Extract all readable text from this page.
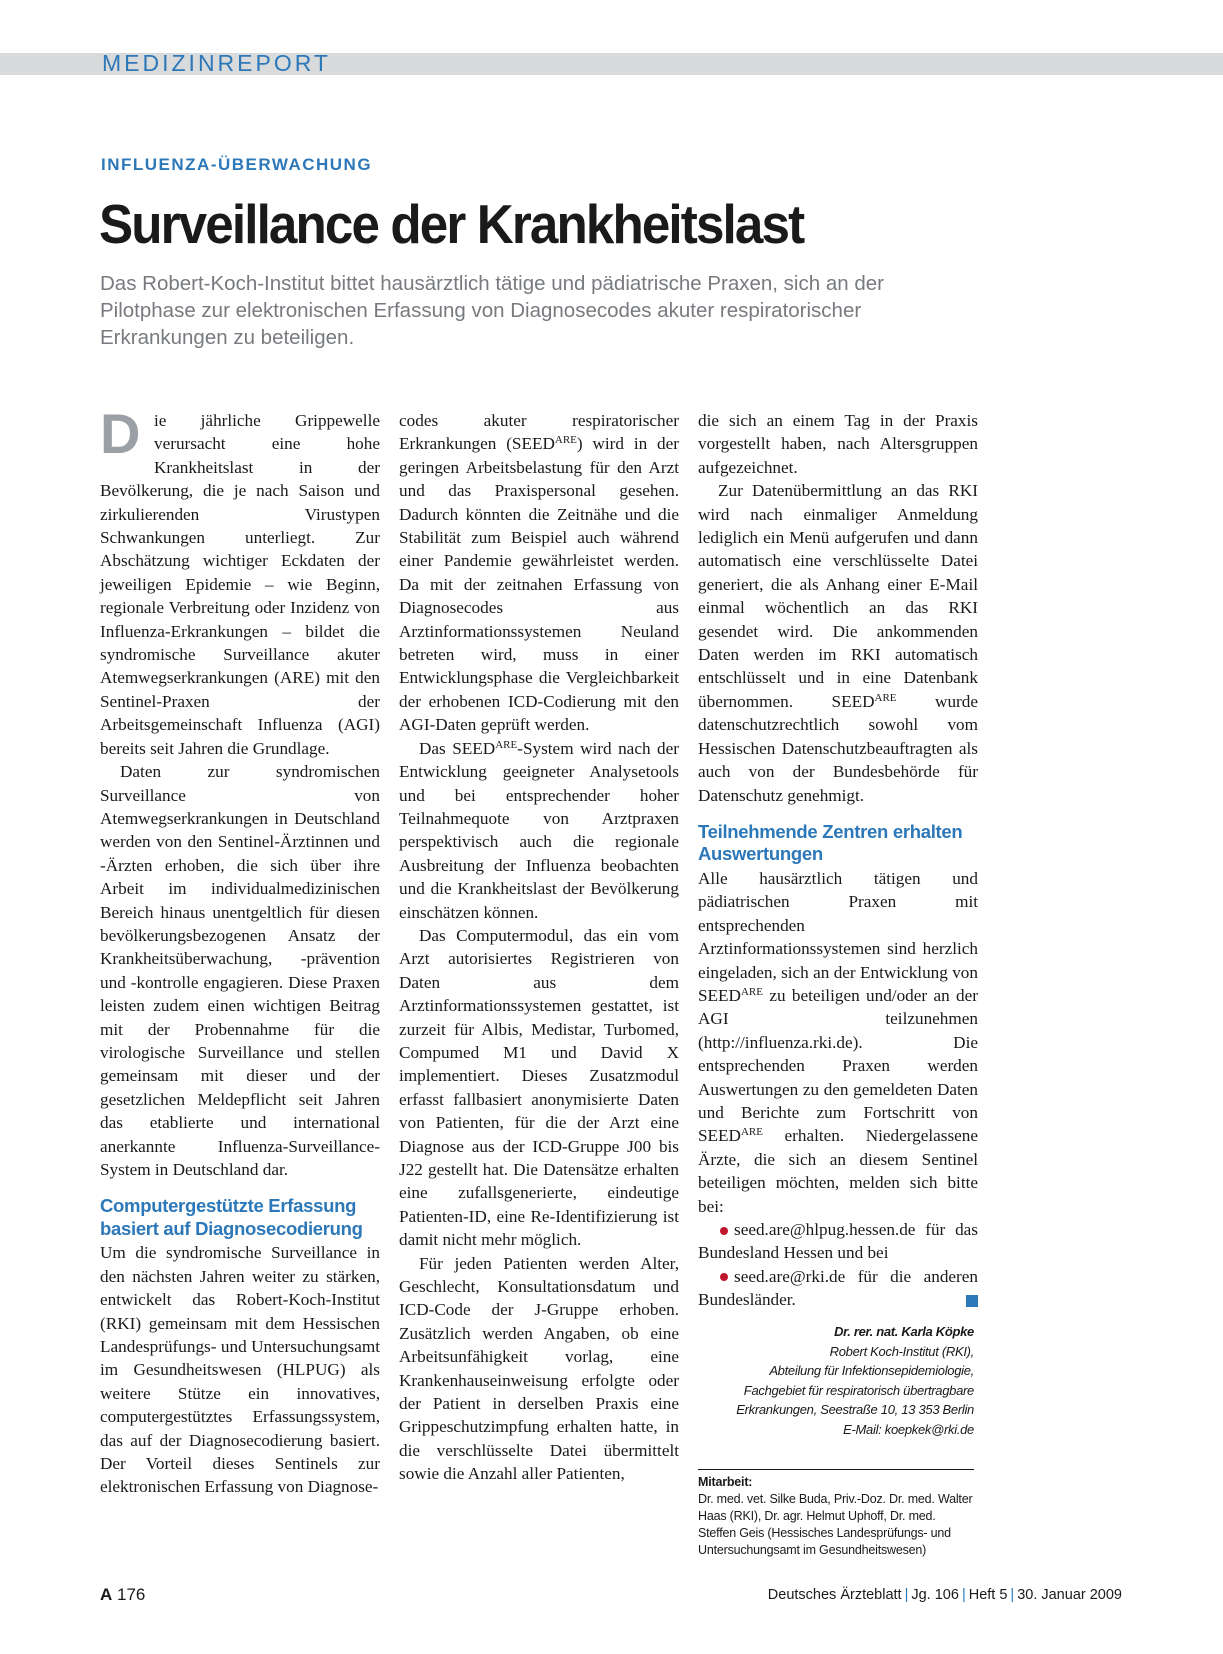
MEDIZINREPORT
INFLUENZA-ÜBERWACHUNG
Surveillance der Krankheitslast

Das Robert-Koch-Institut bittet hausärztlich tätige und pädiatrische Praxen, sich an der Pilotphase zur elektronischen Erfassung von Diagnosecodes akuter respiratorischer Erkrankungen zu beteiligen.

Die jährliche Grippewelle verursacht eine hohe Krankheitslast in der Bevölkerung, die je nach Saison und zirkulierenden Virustypen Schwankungen unterliegt. Zur Abschätzung wichtiger Eckdaten der jeweiligen Epidemie – wie Beginn, regionale Verbreitung oder Inzidenz von Influenza-Erkrankungen – bildet die syndromische Surveillance akuter Atemwegserkrankungen (ARE) mit den Sentinel-Praxen der Arbeitsgemeinschaft Influenza (AGI) bereits seit Jahren die Grundlage.

Daten zur syndromischen Surveillance von Atemwegserkrankungen in Deutschland werden von den Sentinel-Ärztinnen und -Ärzten erhoben, die sich über ihre Arbeit im individualmedizinischen Bereich hinaus unentgeltlich für diesen bevölkerungsbezogenen Ansatz der Krankheitsüberwachung, -prävention und -kontrolle engagieren. Diese Praxen leisten zudem einen wichtigen Beitrag mit der Probennahme für die virologische Surveillance und stellen gemeinsam mit dieser und der gesetzlichen Meldepflicht seit Jahren das etablierte und international anerkannte Influenza-Surveillance-System in Deutschland dar.

Computergestützte Erfassung basiert auf Diagnosecodierung

Um die syndromische Surveillance in den nächsten Jahren weiter zu stärken, entwickelt das Robert-Koch-Institut (RKI) gemeinsam mit dem Hessischen Landesprüfungs- und Untersuchungsamt im Gesundheitswesen (HLPUG) als weitere Stütze ein innovatives, computergestütztes Erfassungssystem, das auf der Diagnosecodierung basiert. Der Vorteil dieses Sentinels zur elektronischen Erfassung von Diagnose-

codes akuter respiratorischer Erkrankungen $(SEED^{ARE})$ wird in der geringen Arbeitsbelastung für den Arzt und das Praxispersonal gesehen. Dadurch könnten die Zeitnähe und die Stabilität zum Beispiel auch während einer Pandemie gewährleistet werden. Da mit der zeitnahen Erfassung von Diagnosecodes aus Arztinformationssystemen Neuland betreten wird, muss in einer Entwicklungsphase die Vergleichbarkeit der erhobenen ICD-Codierung mit den AGI-Daten geprüft werden.

Das $SEED^{ARE}$-System wird nach der Entwicklung geeigneter Analysetools und bei entsprechender hoher Teilnahmequote von Arztpraxen perspektivisch auch die regionale Ausbreitung der Influenza beobachten und die Krankheitslast der Bevölkerung einschätzen können.

Das Computermodul, das ein vom Arzt autorisiertes Registrieren von Daten aus dem Arztinformationssystemen gestattet, ist zurzeit für Albis, Medistar, Turbomed, Compumed M1 und David X implementiert. Dieses Zusatzmodul erfasst fallbasiert anonymisierte Daten von Patienten, für die der Arzt eine Diagnose aus der ICD-Gruppe J00 bis J22 gestellt hat. Die Datensätze erhalten eine zufallsgenerierte, eindeutige Patienten-ID, eine Re-Identifizierung ist damit nicht mehr möglich.

Für jeden Patienten werden Alter, Geschlecht, Konsultationsdatum und ICD-Code der J-Gruppe erhoben. Zusätzlich werden Angaben, ob eine Arbeitsunfähigkeit vorlag, eine Krankenhauseinweisung erfolgte oder der Patient in derselben Praxis eine Grippeschutzimpfung erhalten hatte, in die verschlüsselte Datei übermittelt sowie die Anzahl aller Patienten,

die sich an einem Tag in der Praxis vorgestellt haben, nach Altersgruppen aufgezeichnet.

Zur Datenübermittlung an das RKI wird nach einmaliger Anmeldung lediglich ein Menü aufgerufen und dann automatisch eine verschlüsselte Datei generiert, die als Anhang einer E-Mail einmal wöchentlich an das RKI gesendet wird. Die ankommenden Daten werden im RKI automatisch entschlüsselt und in eine Datenbank übernommen. $SEED^{ARE}$ wurde datenschutzrechtlich sowohl vom Hessischen Datenschutzbeauftragten als auch von der Bundesbehörde für Datenschutz genehmigt.

Teilnehmende Zentren erhalten Auswertungen

Alle hausärztlich tätigen und pädiatrischen Praxen mit entsprechenden Arztinformationssystemen sind herzlich eingeladen, sich an der Entwicklung von $SEED^{ARE}$ zu beteiligen und/oder an der AGI teilzunehmen (http://influenza.rki.de). Die entsprechenden Praxen werden Auswertungen zu den gemeldeten Daten und Berichte zum Fortschritt von $SEED^{ARE}$ erhalten. Niedergelassene Ärzte, die sich an diesem Sentinel beteiligen möchten, melden sich bitte bei:

seed.are@hlpug.hessen.de für das Bundesland Hessen und bei

seed.are@rki.de für die anderen Bundesländer.

Dr. rer. nat. Karla Köpke
Robert Koch-Institut (RKI),
Abteilung für Infektionsepidemiologie,
Fachgebiet für respiratorisch übertragbare
Erkrankungen, Seestraße 10, 13 353 Berlin
E-Mail: koepkek@rki.de
Mitarbeit:
Dr. med. vet. Silke Buda, Priv.-Doz. Dr. med. Walter Haas (RKI), Dr. agr. Helmut Uphoff, Dr. med. Steffen Geis (Hessisches Landesprüfungs- und Untersuchungsamt im Gesundheitswesen)
A 176	Deutsches Ärzteblatt | Jg. 106 | Heft 5 | 30. Januar 2009
